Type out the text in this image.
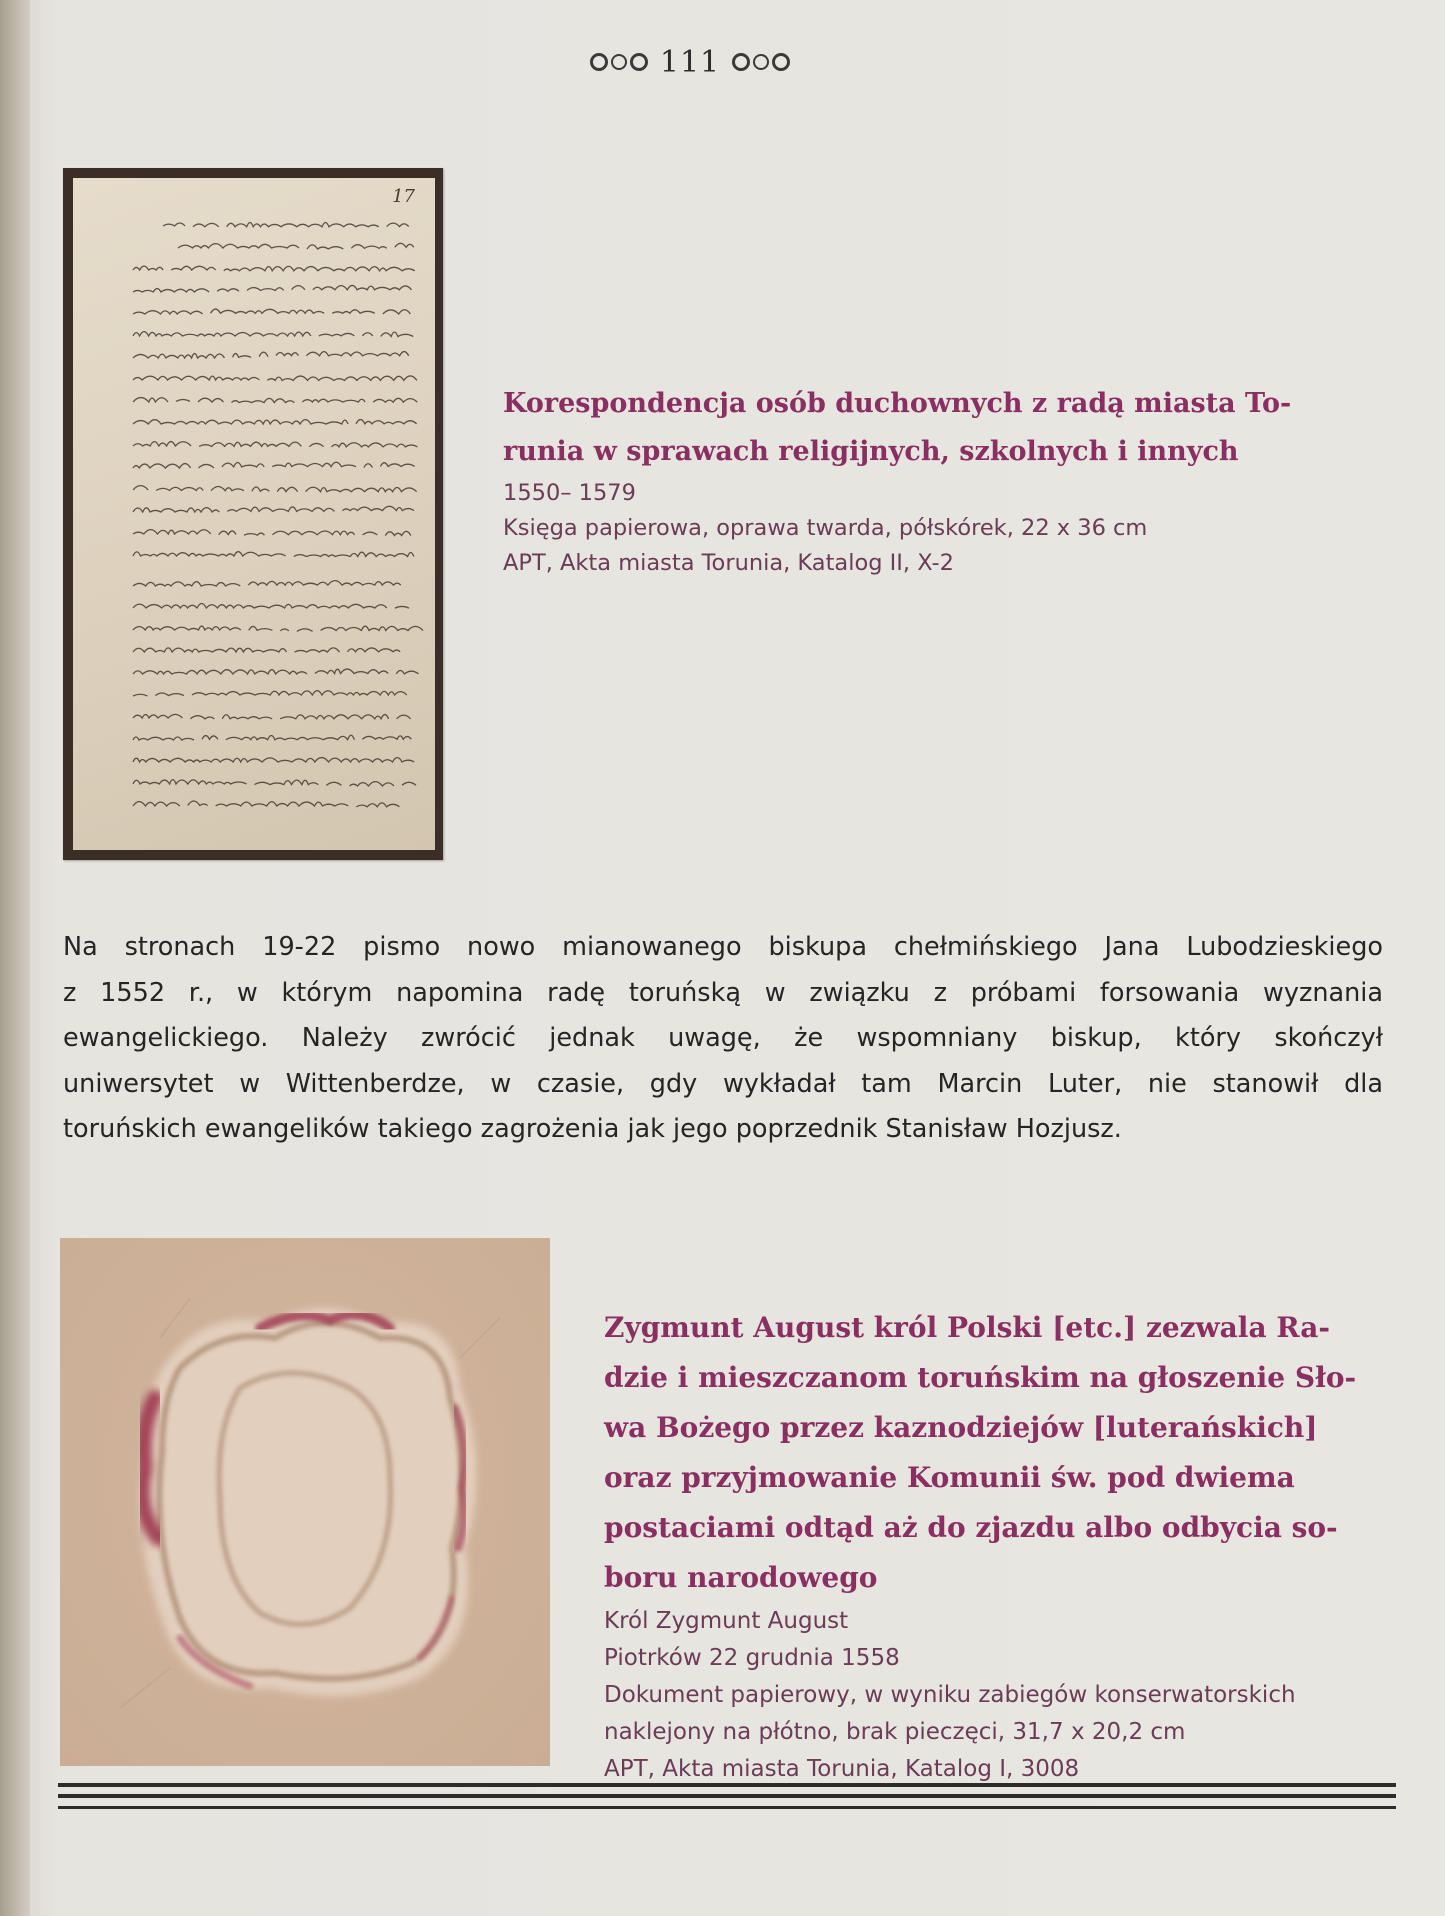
111
17

Korespondencja osób duchownych z radą miasta To-

runia w sprawach religijnych, szkolnych i innych

1550– 1579

Księga papierowa, oprawa twarda, półskórek, 22 x 36 cm

APT, Akta miasta Torunia, Katalog II, X-2

Na stronach 19-22 pismo nowo mianowanego biskupa chełmińskiego Jana Lubodzieskiego
z 1552 r., w którym napomina radę toruńską w związku z próbami forsowania wyznania
ewangelickiego. Należy zwrócić jednak uwagę, że wspomniany biskup, który skończył
uniwersytet w Wittenberdze, w czasie, gdy wykładał tam Marcin Luter, nie stanowił dla
toruńskich ewangelików takiego zagrożenia jak jego poprzednik Stanisław Hozjusz.

Zygmunt August król Polski [etc.] zezwala Ra-

dzie i mieszczanom toruńskim na głoszenie Sło-

wa Bożego przez kaznodziejów [luterańskich]

oraz przyjmowanie Komunii św. pod dwiema

postaciami odtąd aż do zjazdu albo odbycia so-

boru narodowego

Król Zygmunt August

Piotrków 22 grudnia 1558

Dokument papierowy, w wyniku zabiegów konserwatorskich

naklejony na płótno, brak pieczęci, 31,7 x 20,2 cm

APT, Akta miasta Torunia, Katalog I, 3008
